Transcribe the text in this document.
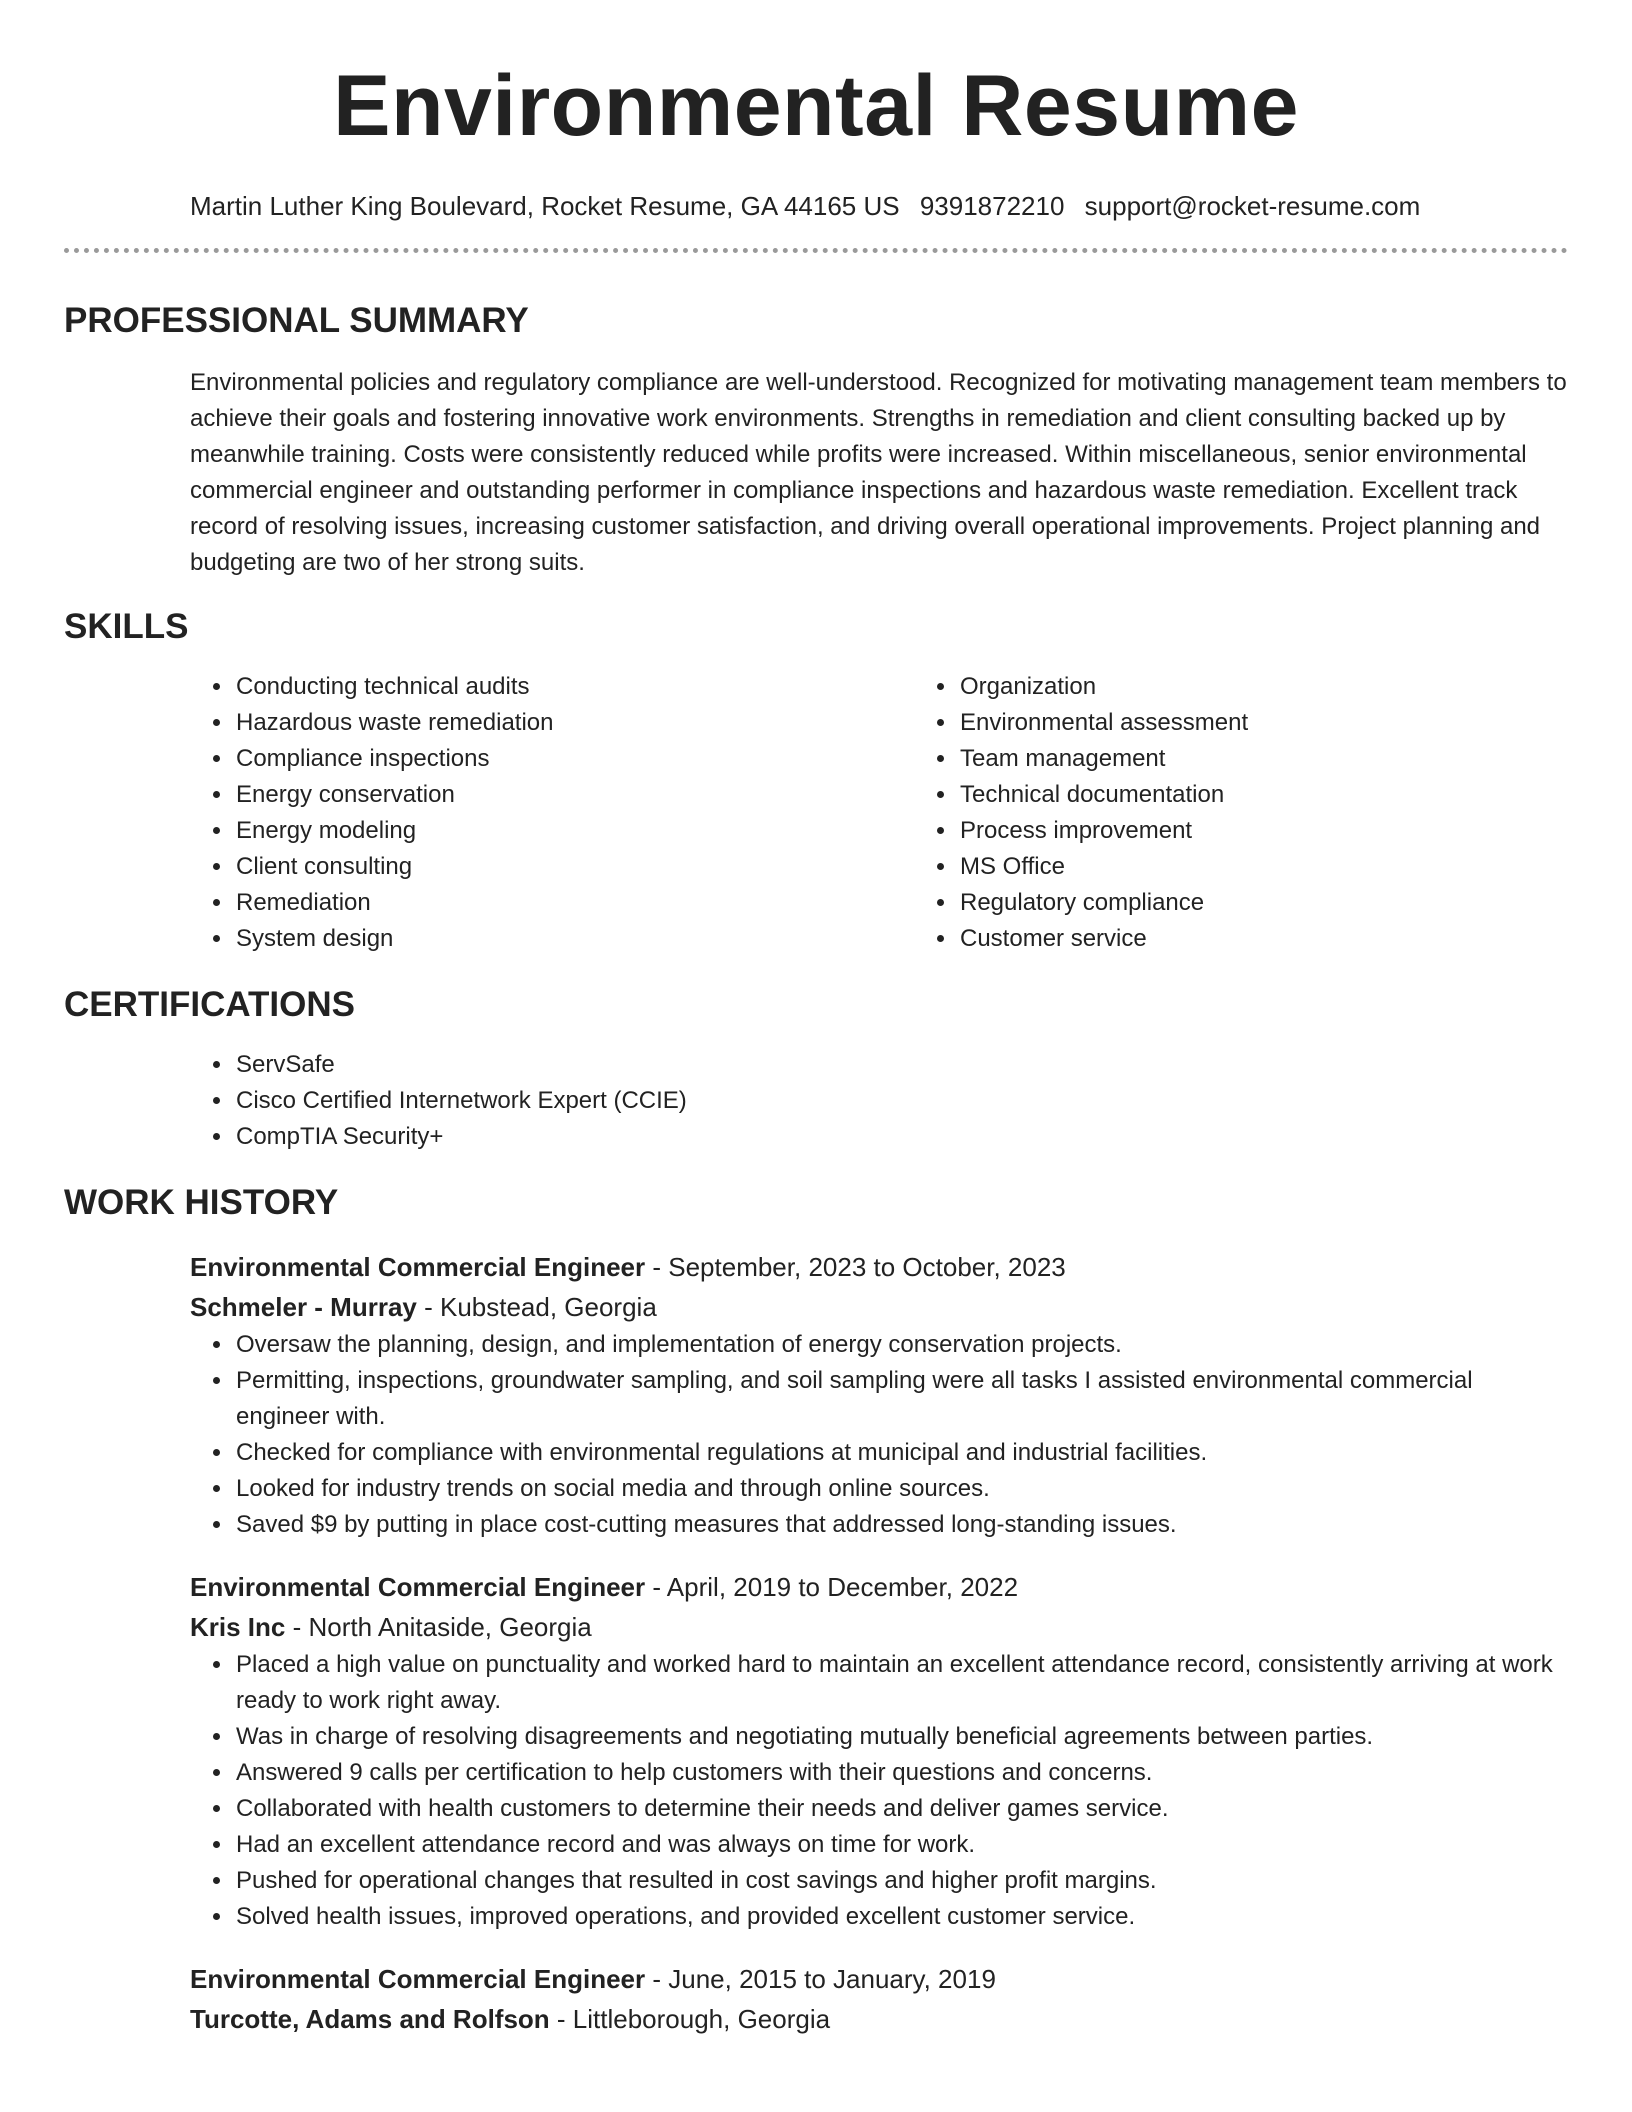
Environmental Resume
Martin Luther King Boulevard, Rocket Resume, GA 44165 US 9391872210 support@rocket-resume.com
PROFESSIONAL SUMMARY

Environmental policies and regulatory compliance are well-understood. Recognized for motivating management team members to achieve their goals and fostering innovative work environments. Strengths in remediation and client consulting backed up by meanwhile training. Costs were consistently reduced while profits were increased. Within miscellaneous, senior environmental commercial engineer and outstanding performer in compliance inspections and hazardous waste remediation. Excellent track record of resolving issues, increasing customer satisfaction, and driving overall operational improvements. Project planning and budgeting are two of her strong suits.

SKILLS
• Conducting technical audits
• Hazardous waste remediation
• Compliance inspections
• Energy conservation
• Energy modeling
• Client consulting
• Remediation
• System design
• Organization
• Environmental assessment
• Team management
• Technical documentation
• Process improvement
• MS Office
• Regulatory compliance
• Customer service
CERTIFICATIONS
• ServSafe
• Cisco Certified Internetwork Expert (CCIE)
• CompTIA Security+
WORK HISTORY
Environmental Commercial Engineer - September, 2023 to October, 2023
Schmeler - Murray - Kubstead, Georgia
• Oversaw the planning, design, and implementation of energy conservation projects.
• Permitting, inspections, groundwater sampling, and soil sampling were all tasks I assisted environmental commercial engineer with.
• Checked for compliance with environmental regulations at municipal and industrial facilities.
• Looked for industry trends on social media and through online sources.
• Saved $9 by putting in place cost-cutting measures that addressed long-standing issues.
Environmental Commercial Engineer - April, 2019 to December, 2022
Kris Inc - North Anitaside, Georgia
• Placed a high value on punctuality and worked hard to maintain an excellent attendance record, consistently arriving at work ready to work right away.
• Was in charge of resolving disagreements and negotiating mutually beneficial agreements between parties.
• Answered 9 calls per certification to help customers with their questions and concerns.
• Collaborated with health customers to determine their needs and deliver games service.
• Had an excellent attendance record and was always on time for work.
• Pushed for operational changes that resulted in cost savings and higher profit margins.
• Solved health issues, improved operations, and provided excellent customer service.
Environmental Commercial Engineer - June, 2015 to January, 2019
Turcotte, Adams and Rolfson - Littleborough, Georgia
